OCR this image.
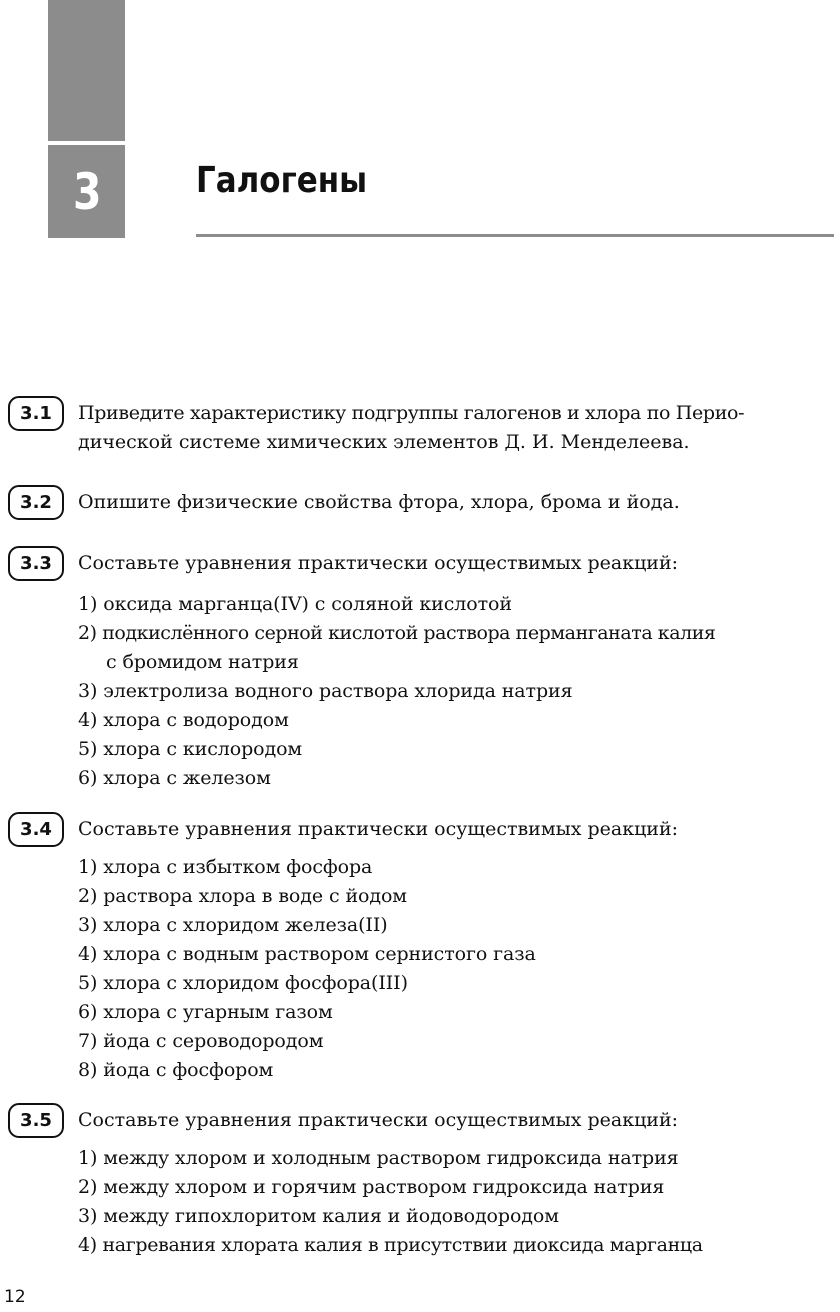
3	Галогены
3.1	Приведите характеристику подгруппы галогенов и хлора по Перио-
дической системе химических элементов Д. И. Менделеева.
3.2	Опишите физические свойства фтора, хлора, брома и йода.
3.3	Составьте уравнения практически осуществимых реакций:
1) оксида марганца(IV) с соляной кислотой
2) подкислённого серной кислотой раствора перманганата калия
с бромидом натрия
3) электролиза водного раствора хлорида натрия
4) хлора с водородом
5) хлора с кислородом
6) хлора с железом
3.4	Составьте уравнения практически осуществимых реакций:
1) хлора с избытком фосфора
2) раствора хлора в воде с йодом
3) хлора с хлоридом железа(II)
4) хлора с водным раствором сернистого газа
5) хлора с хлоридом фосфора(III)
6) хлора с угарным газом
7) йода с сероводородом
8) йода с фосфором
3.5	Составьте уравнения практически осуществимых реакций:
1) между хлором и холодным раствором гидроксида натрия
2) между хлором и горячим раствором гидроксида натрия
3) между гипохлоритом калия и йодоводородом
4) нагревания хлората калия в присутствии диоксида марганца
12
